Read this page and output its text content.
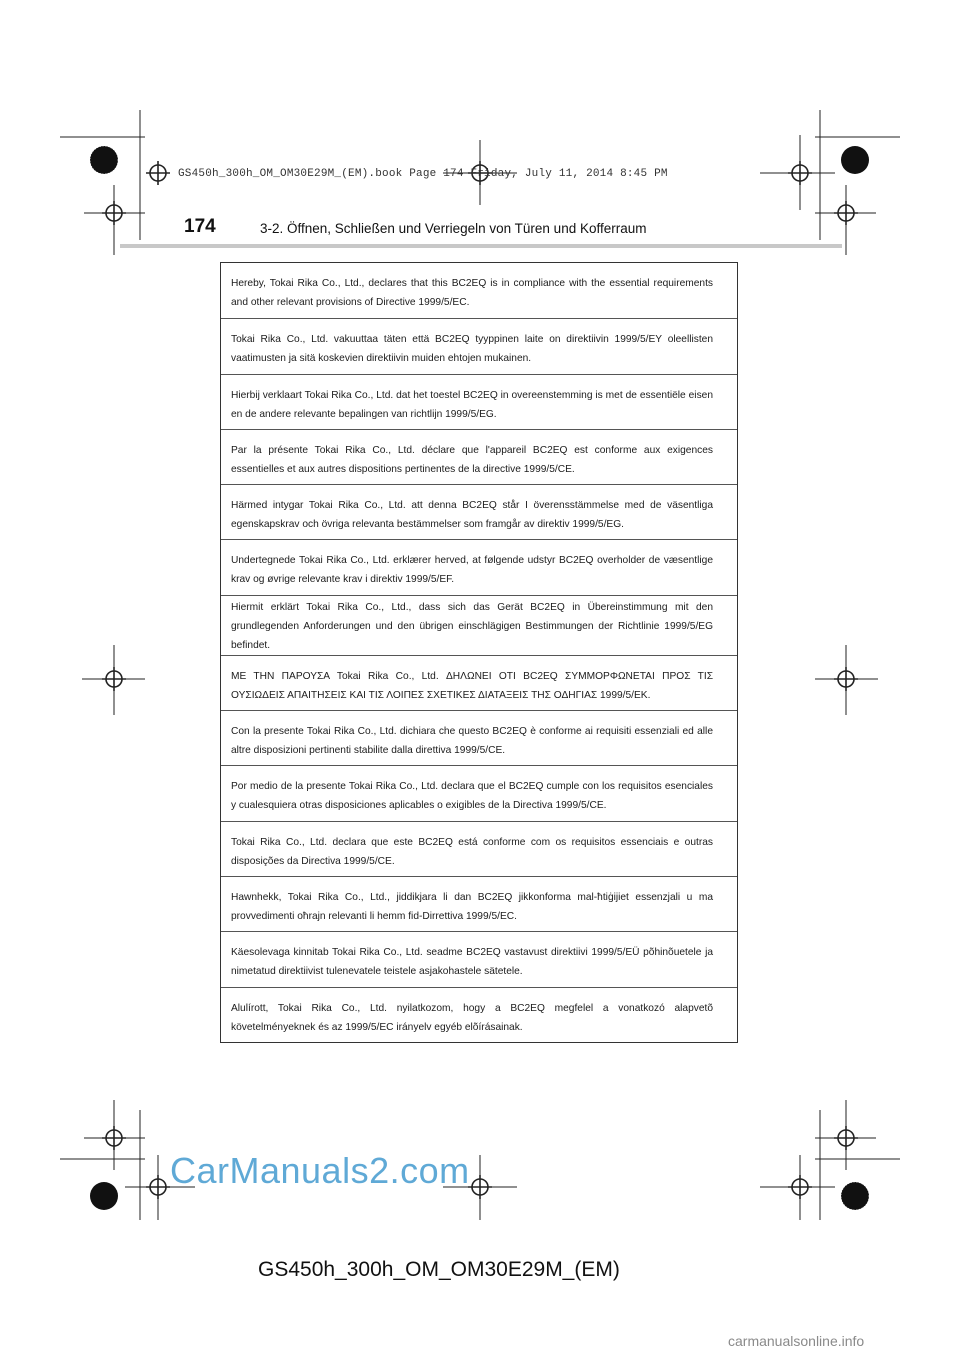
GS450h_300h_OM_OM30E29M_(EM).book Page 174 Friday, July 11, 2014 8:45 PM
174	3-2. Öffnen, Schließen und Verriegeln von Türen und Kofferraum
Hereby, Tokai Rika Co., Ltd., declares that this BC2EQ is in compliance with the essential requirements and other relevant provisions of Directive 1999/5/EC.
Tokai Rika Co., Ltd. vakuuttaa täten että BC2EQ tyyppinen laite on direktiivin 1999/5/EY oleellisten vaatimusten ja sitä koskevien direktiivin muiden ehtojen mukainen.
Hierbij verklaart Tokai Rika Co., Ltd. dat het toestel BC2EQ in overeenstemming is met de essentiële eisen en de andere relevante bepalingen van richtlijn 1999/5/EG.
Par la présente Tokai Rika Co., Ltd. déclare que l'appareil BC2EQ est conforme aux exigences essentielles et aux autres dispositions pertinentes de la directive 1999/5/CE.
Härmed intygar Tokai Rika Co., Ltd. att denna BC2EQ står I överensstämmelse med de väsentliga egenskapskrav och övriga relevanta bestämmelser som framgår av direktiv 1999/5/EG.
Undertegnede Tokai Rika Co., Ltd. erklærer herved, at følgende udstyr BC2EQ overholder de væsentlige krav og øvrige relevante krav i direktiv 1999/5/EF.
Hiermit erklärt Tokai Rika Co., Ltd., dass sich das Gerät BC2EQ in Übereinstimmung mit den grundlegenden Anforderungen und den übrigen einschlägigen Bestimmungen der Richtlinie 1999/5/EG befindet.
ΜΕ ΤΗΝ ΠΑΡΟΥΣΑ Tokai Rika Co., Ltd. ΔΗΛΩΝΕΙ ΟΤΙ BC2EQ ΣΥΜΜΟΡΦΩΝΕΤΑΙ ΠΡΟΣ ΤΙΣ ΟΥΣΙΩΔΕΙΣ ΑΠΑΙΤΗΣΕΙΣ ΚΑΙ ΤΙΣ ΛΟΙΠΕΣ ΣΧΕΤΙΚΕΣ ΔΙΑΤΑΞΕΙΣ ΤΗΣ ΟΔΗΓΙΑΣ 1999/5/ΕΚ.
Con la presente Tokai Rika Co., Ltd. dichiara che questo BC2EQ è conforme ai requisiti essenziali ed alle altre disposizioni pertinenti stabilite dalla direttiva 1999/5/CE.
Por medio de la presente Tokai Rika Co., Ltd. declara que el BC2EQ cumple con los requisitos esenciales y cualesquiera otras disposiciones aplicables o exigibles de la Directiva 1999/5/CE.
Tokai Rika Co., Ltd. declara que este BC2EQ está conforme com os requisitos essenciais e outras disposições da Directiva 1999/5/CE.
Hawnhekk, Tokai Rika Co., Ltd., jiddikjara li dan BC2EQ jikkonforma mal-ħtiġijiet essenzjali u ma provvedimenti oħrajn relevanti li hemm fid-Dirrettiva 1999/5/EC.
Käesolevaga kinnitab Tokai Rika Co., Ltd. seadme BC2EQ vastavust direktiivi 1999/5/EÜ põhinõuetele ja nimetatud direktiivist tulenevatele teistele asjakohastele sätetele.
Alulírott, Tokai Rika Co., Ltd. nyilatkozom, hogy a BC2EQ megfelel a vonatkozó alapvetõ követelményeknek és az 1999/5/EC irányelv egyéb elõírásainak.
CarManuals2.com
GS450h_300h_OM_OM30E29M_(EM)
carmanualsonline.info
